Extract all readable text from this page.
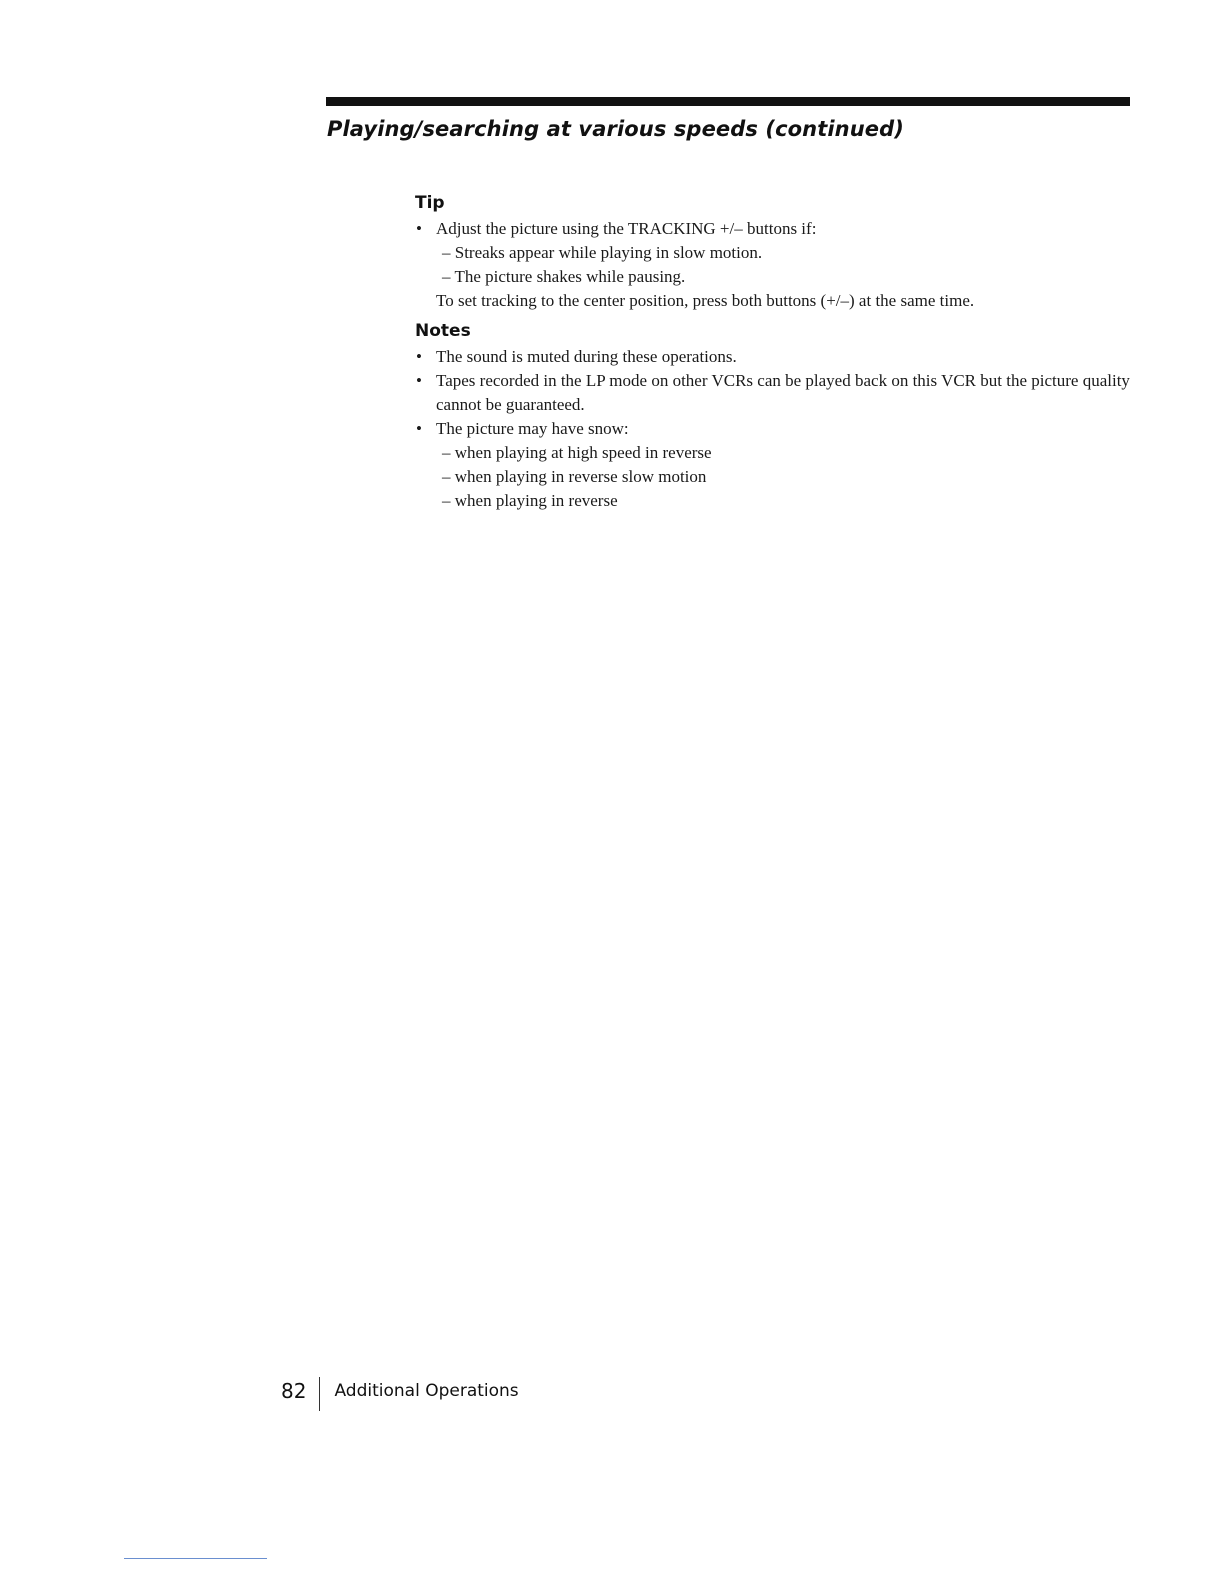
Playing/searching at various speeds (continued)
Tip
• Adjust the picture using the TRACKING +/– buttons if:
– Streaks appear while playing in slow motion.
– The picture shakes while pausing.
To set tracking to the center position, press both buttons (+/–) at the same time.
Notes
• The sound is muted during these operations.
• Tapes recorded in the LP mode on other VCRs can be played back on this VCR but the picture quality cannot be guaranteed.
• The picture may have snow:
– when playing at high speed in reverse
– when playing in reverse slow motion
– when playing in reverse
82 Additional Operations
